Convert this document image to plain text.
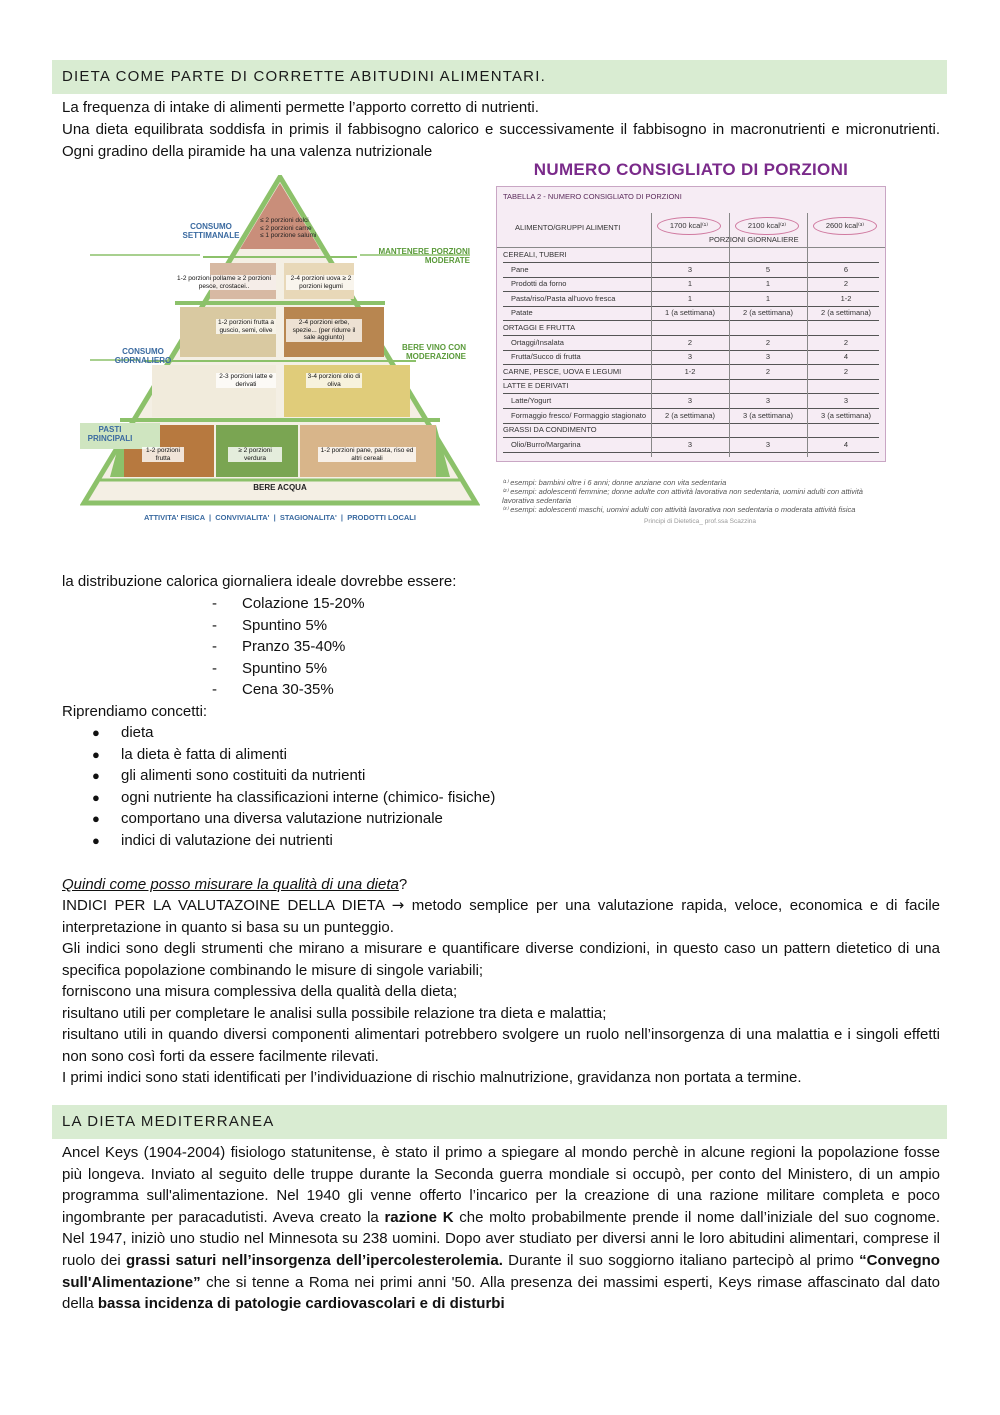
DIETA COME PARTE DI CORRETTE ABITUDINI ALIMENTARI.
La frequenza di intake di alimenti permette l’apporto corretto di nutrienti.
Una dieta equilibrata soddisfa in primis il fabbisogno calorico e successivamente il fabbisogno in macronutrienti e micronutrienti. Ogni gradino della piramide ha una valenza nutrizionale
CONSUMO SETTIMANALE
MANTENERE PORZIONI MODERATE
CONSUMO GIORNALIERO
BERE VINO CON MODERAZIONE
PASTI PRINCIPALI
≤ 2 porzioni dolci
≤ 2 porzioni carne
≤ 1 porzione salumi
1-2 porzioni pollame ≥ 2 porzioni pesce, crostacei..
2-4 porzioni uova ≥ 2 porzioni legumi
1-2 porzioni frutta a guscio, semi, olive
2-4 porzioni erbe, spezie... (per ridurre il sale aggiunto)
2-3 porzioni latte e derivati
3-4 porzioni olio di oliva
1-2 porzioni frutta
≥ 2 porzioni verdura
1-2 porzioni pane, pasta, riso ed altri cereali
BERE ACQUA
ATTIVITA' FISICA  |  CONVIVIALITA'  |  STAGIONALITA'  |  PRODOTTI LOCALI
NUMERO CONSIGLIATO DI PORZIONI
TABELLA 2 - NUMERO CONSIGLIATO DI PORZIONI
ALIMENTO/GRUPPI ALIMENTI	1700 kcal⁽¹⁾	2100 kcal⁽²⁾	2600 kcal⁽³⁾
PORZIONI GIORNALIERE
CEREALI, TUBERI
Pane	3	5	6
Prodotti da forno	1	1	2
Pasta/riso/Pasta all'uovo fresca	1	1	1-2
Patate	1 (a settimana)	2 (a settimana)	2 (a settimana)
ORTAGGI E FRUTTA
Ortaggi/Insalata	2	2	2
Frutta/Succo di frutta	3	3	4
CARNE, PESCE, UOVA E LEGUMI	1-2	2	2
LATTE E DERIVATI
Latte/Yogurt	3	3	3
Formaggio fresco/ Formaggio stagionato	2 (a settimana)	3 (a settimana)	3 (a settimana)
GRASSI DA CONDIMENTO
Olio/Burro/Margarina	3	3	4
⁽¹⁾ esempi: bambini oltre i 6 anni; donne anziane con vita sedentaria
⁽²⁾ esempi: adolescenti femmine; donne adulte con attività lavorativa non sedentaria, uomini adulti con attività lavorativa sedentaria
⁽³⁾ esempi: adolescenti maschi, uomini adulti con attività lavorativa non sedentaria o moderata attività fisica
Principi di Dietetica_ prof.ssa Scazzina
la distribuzione calorica giornaliera ideale dovrebbe essere:
- Colazione 15-20%
- Spuntino 5%
- Pranzo 35-40%
- Spuntino 5%
- Cena 30-35%
Riprendiamo concetti:
● dieta
● la dieta è fatta di alimenti
● gli alimenti sono costituiti da nutrienti
● ogni nutriente ha classificazioni interne (chimico- fisiche)
● comportano una diversa valutazione nutrizionale
● indici di valutazione dei nutrienti
Quindi come posso misurare la qualità di una dieta?
INDICI PER LA VALUTAZOINE DELLA DIETA → metodo semplice per una valutazione rapida, veloce, economica e di facile interpretazione in quanto si basa su un punteggio.
Gli indici sono degli strumenti che mirano a misurare e quantificare diverse condizioni, in questo caso un pattern dietetico di una specifica popolazione combinando le misure di singole variabili;
forniscono una misura complessiva della qualità della dieta;
risultano utili per completare le analisi sulla possibile relazione tra dieta e malattia;
risultano utili in quando diversi componenti alimentari potrebbero svolgere un ruolo nell’insorgenza di una malattia e i singoli effetti non sono così forti da essere facilmente rilevati.
I primi indici sono stati identificati per l’individuazione di rischio malnutrizione, gravidanza non portata a termine.
LA DIETA MEDITERRANEA
Ancel Keys (1904-2004) fisiologo statunitense, è stato il primo a spiegare al mondo perchè in alcune regioni la popolazione fosse più longeva. Inviato al seguito delle truppe durante la Seconda guerra mondiale si occupò, per conto del Ministero, di un ampio programma sull'alimentazione. Nel 1940 gli venne offerto l’incarico per la creazione di una razione militare completa e poco ingombrante per paracadutisti. Aveva creato la razione K che molto probabilmente prende il nome dall’iniziale del suo cognome. Nel 1947, iniziò uno studio nel Minnesota su 238 uomini. Dopo aver studiato per diversi anni le loro abitudini alimentari, comprese il ruolo dei grassi saturi nell’insorgenza dell’ipercolesterolemia. Durante il suo soggiorno italiano partecipò al primo “Convegno sull'Alimentazione” che si tenne a Roma nei primi anni '50. Alla presenza dei massimi esperti, Keys rimase affascinato dal dato della bassa incidenza di patologie cardiovascolari e di disturbi
